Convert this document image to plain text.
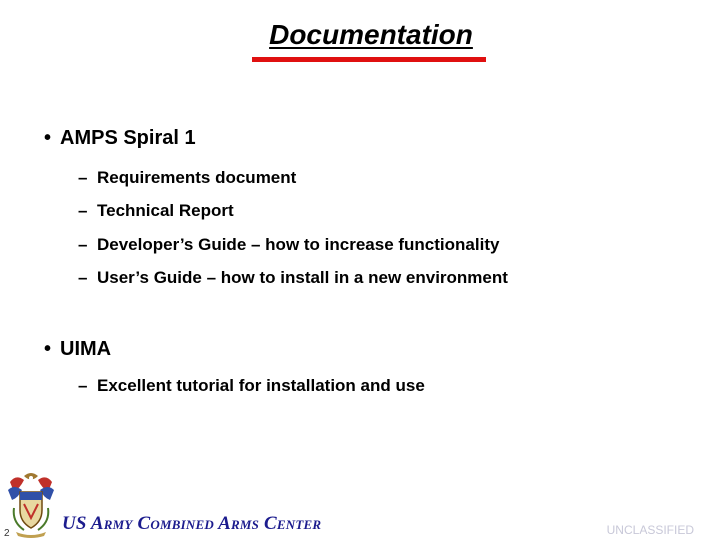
Documentation
• AMPS Spiral 1
– Requirements document
– Technical Report
– Developer’s Guide – how to increase functionality
– User’s Guide – how to install in a new environment
• UIMA
– Excellent tutorial for installation and use
2	US Army Combined Arms Center	UNCLASSIFIED
